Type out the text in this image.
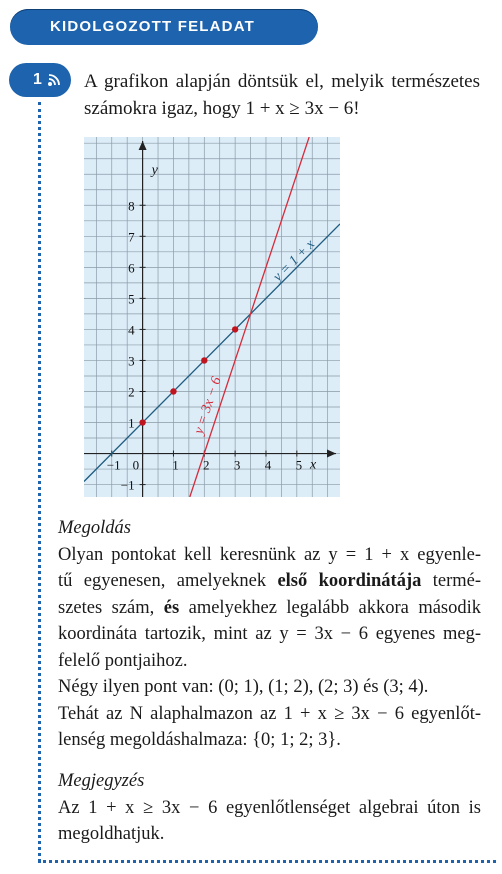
KIDOLGOZOTT FELADAT
1 A grafikon alapján döntsük el, melyik természetes
számokra igaz, hogy 1 + x ≥ 3x − 6!
−1 0	1 2 3 4 5
−1
1
2
3
4
5
6
7
8
x
y
y = 1 + x
y = 3x − 6
Megoldás
Olyan pontokat kell keresnünk az y = 1 + x egyenle-
tű egyenesen, amelyeknek első koordinátája termé-
szetes szám, és amelyekhez legalább akkora második
koordináta tartozik, mint az y = 3x − 6 egyenes meg-
felelő pontjaihoz.
Négy ilyen pont van: (0; 1), (1; 2), (2; 3) és (3; 4).
Tehát az N alaphalmazon az 1 + x ≥ 3x − 6 egyenlőt-
lenség megoldáshalmaza: {0; 1; 2; 3}.
Megjegyzés
Az 1 + x ≥ 3x − 6 egyenlőtlenséget algebrai úton is
megoldhatjuk.
